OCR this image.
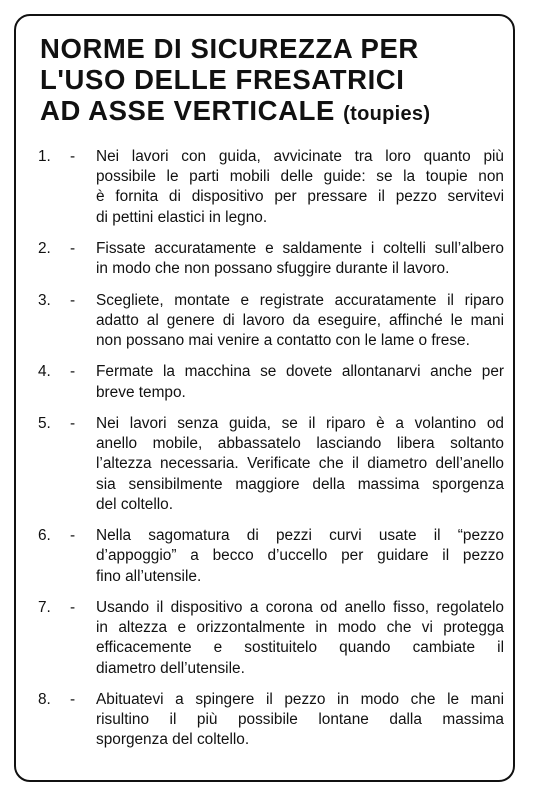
NORME DI SICUREZZA PER
L'USO DELLE FRESATRICI
AD ASSE VERTICALE (toupies)
1.	-	Nei lavori con guida, avvicinate tra loro quanto più
possibile le parti mobili delle guide: se la toupie non
è fornita di dispositivo per pressare il pezzo servitevi
di pettini elastici in legno.
2.	-	Fissate accuratamente e saldamente i coltelli sull’albero
in modo che non possano sfuggire durante il lavoro.
3.	-	Scegliete, montate e registrate accuratamente il riparo
adatto al genere di lavoro da eseguire, affinché le mani
non possano mai venire a contatto con le lame o frese.
4.	-	Fermate la macchina se dovete allontanarvi anche per
breve tempo.
5.	-	Nei lavori senza guida, se il riparo è a volantino od
anello mobile, abbassatelo lasciando libera soltanto
l’altezza necessaria. Verificate che il diametro dell’anello
sia sensibilmente maggiore della massima sporgenza
del coltello.
6.	-	Nella sagomatura di pezzi curvi usate il “pezzo
d’appoggio” a becco d’uccello per guidare il pezzo
fino all’utensile.
7.	-	Usando il dispositivo a corona od anello fisso, regolatelo
in altezza e orizzontalmente in modo che vi protegga
efficacemente e sostituitelo quando cambiate il
diametro dell’utensile.
8.	-	Abituatevi a spingere il pezzo in modo che le mani
risultino il più possibile lontane dalla massima
sporgenza del coltello.
